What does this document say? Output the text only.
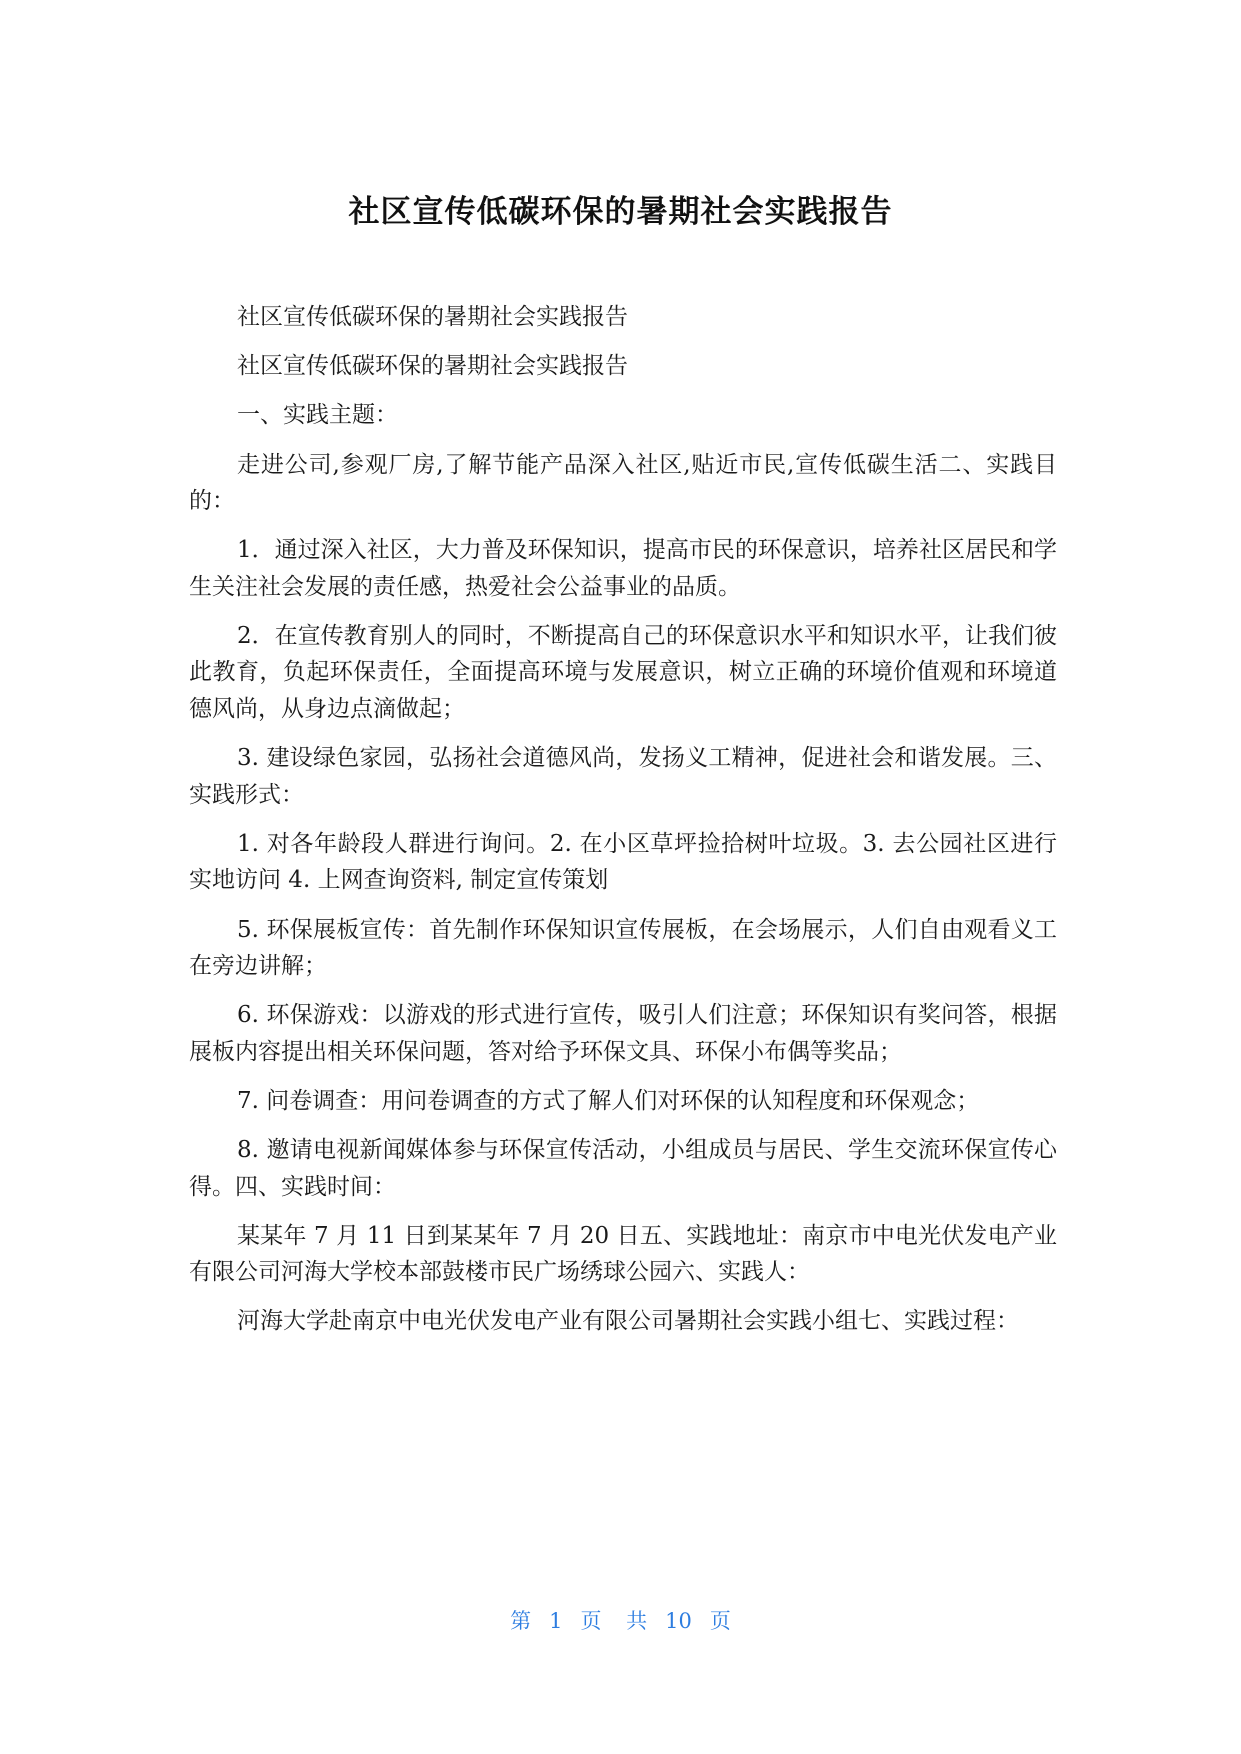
社区宣传低碳环保的暑期社会实践报告

社区宣传低碳环保的暑期社会实践报告

社区宣传低碳环保的暑期社会实践报告

一、实践主题：

走进公司,参观厂房,了解节能产品深入社区,贴近市民,宣传低碳生活二、实践目的：

1．通过深入社区，大力普及环保知识，提高市民的环保意识，培养社区居民和学生关注社会发展的责任感，热爱社会公益事业的品质。

2．在宣传教育别人的同时，不断提高自己的环保意识水平和知识水平，让我们彼此教育，负起环保责任，全面提高环境与发展意识，树立正确的环境价值观和环境道德风尚，从身边点滴做起；

3. 建设绿色家园，弘扬社会道德风尚，发扬义工精神，促进社会和谐发展。三、实践形式：

1. 对各年龄段人群进行询问。2. 在小区草坪捡拾树叶垃圾。3. 去公园社区进行实地访问 4. 上网查询资料, 制定宣传策划

5. 环保展板宣传：首先制作环保知识宣传展板，在会场展示，人们自由观看义工在旁边讲解；

6. 环保游戏：以游戏的形式进行宣传，吸引人们注意；环保知识有奖问答，根据展板内容提出相关环保问题，答对给予环保文具、环保小布偶等奖品；

7. 问卷调查：用问卷调查的方式了解人们对环保的认知程度和环保观念；

8. 邀请电视新闻媒体参与环保宣传活动，小组成员与居民、学生交流环保宣传心得。四、实践时间：

某某年 7 月 11 日到某某年 7 月 20 日五、实践地址：南京市中电光伏发电产业有限公司河海大学校本部鼓楼市民广场绣球公园六、实践人：

河海大学赴南京中电光伏发电产业有限公司暑期社会实践小组七、实践过程：

第 1 页 共 10 页
